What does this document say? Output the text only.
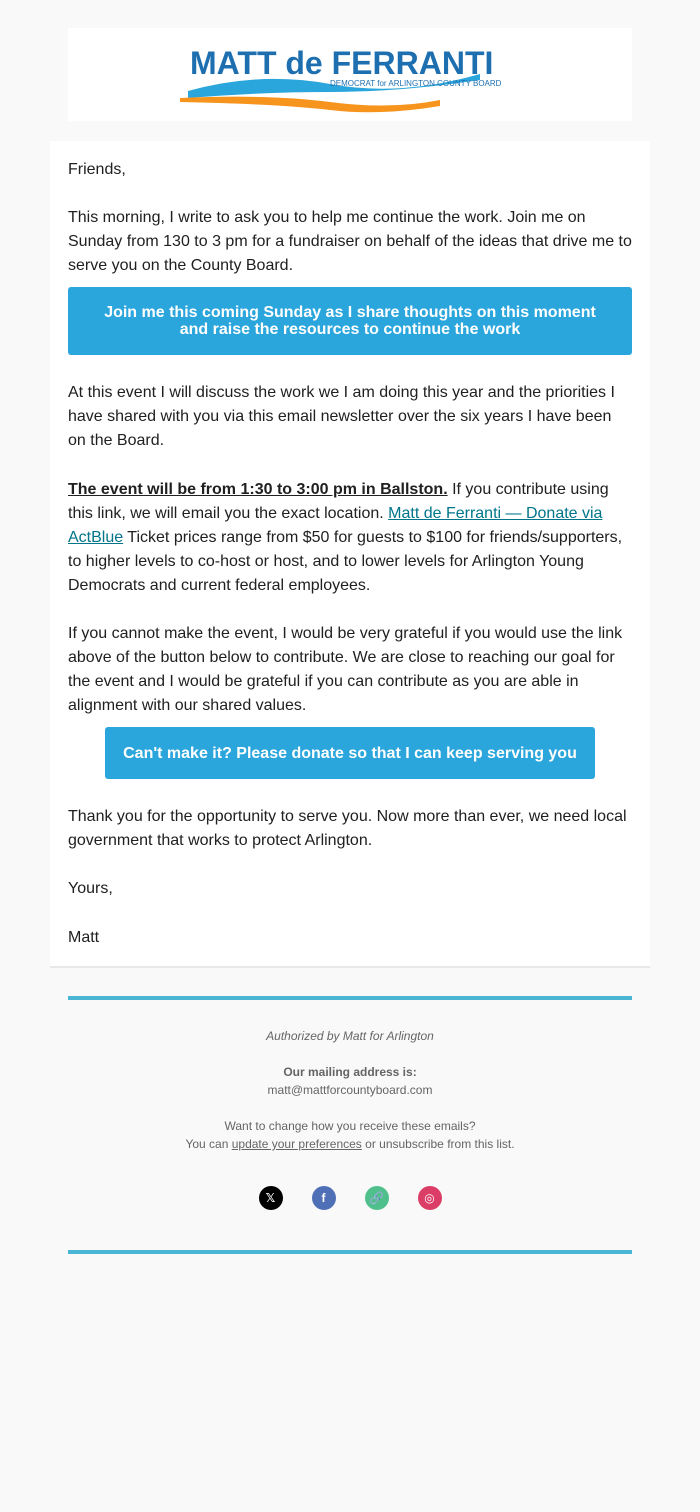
MATT de FERRANTI
DEMOCRAT for ARLINGTON COUNTY BOARD

Friends,

This morning, I write to ask you to help me continue the work. Join me on Sunday from 130 to 3 pm for a fundraiser on behalf of the ideas that drive me to serve you on the County Board.

Join me this coming Sunday as I share thoughts on this moment and raise the resources to continue the work

At this event I will discuss the work we I am doing this year and the priorities I have shared with you via this email newsletter over the six years I have been on the Board.

The event will be from 1:30 to 3:00 pm in Ballston. If you contribute using this link, we will email you the exact location. Matt de Ferranti — Donate via ActBlue Ticket prices range from $50 for guests to $100 for friends/supporters, to higher levels to co-host or host, and to lower levels for Arlington Young Democrats and current federal employees.

If you cannot make the event, I would be very grateful if you would use the link above of the button below to contribute. We are close to reaching our goal for the event and I would be grateful if you can contribute as you are able in alignment with our shared values.

Can't make it? Please donate so that I can keep serving you

Thank you for the opportunity to serve you. Now more than ever, we need local government that works to protect Arlington.

Yours,

Matt

Authorized by Matt for Arlington
Our mailing address is:
matt@mattforcountyboard.com
Want to change how you receive these emails?
You can update your preferences or unsubscribe from this list.
𝕏	f	🔗	◎
